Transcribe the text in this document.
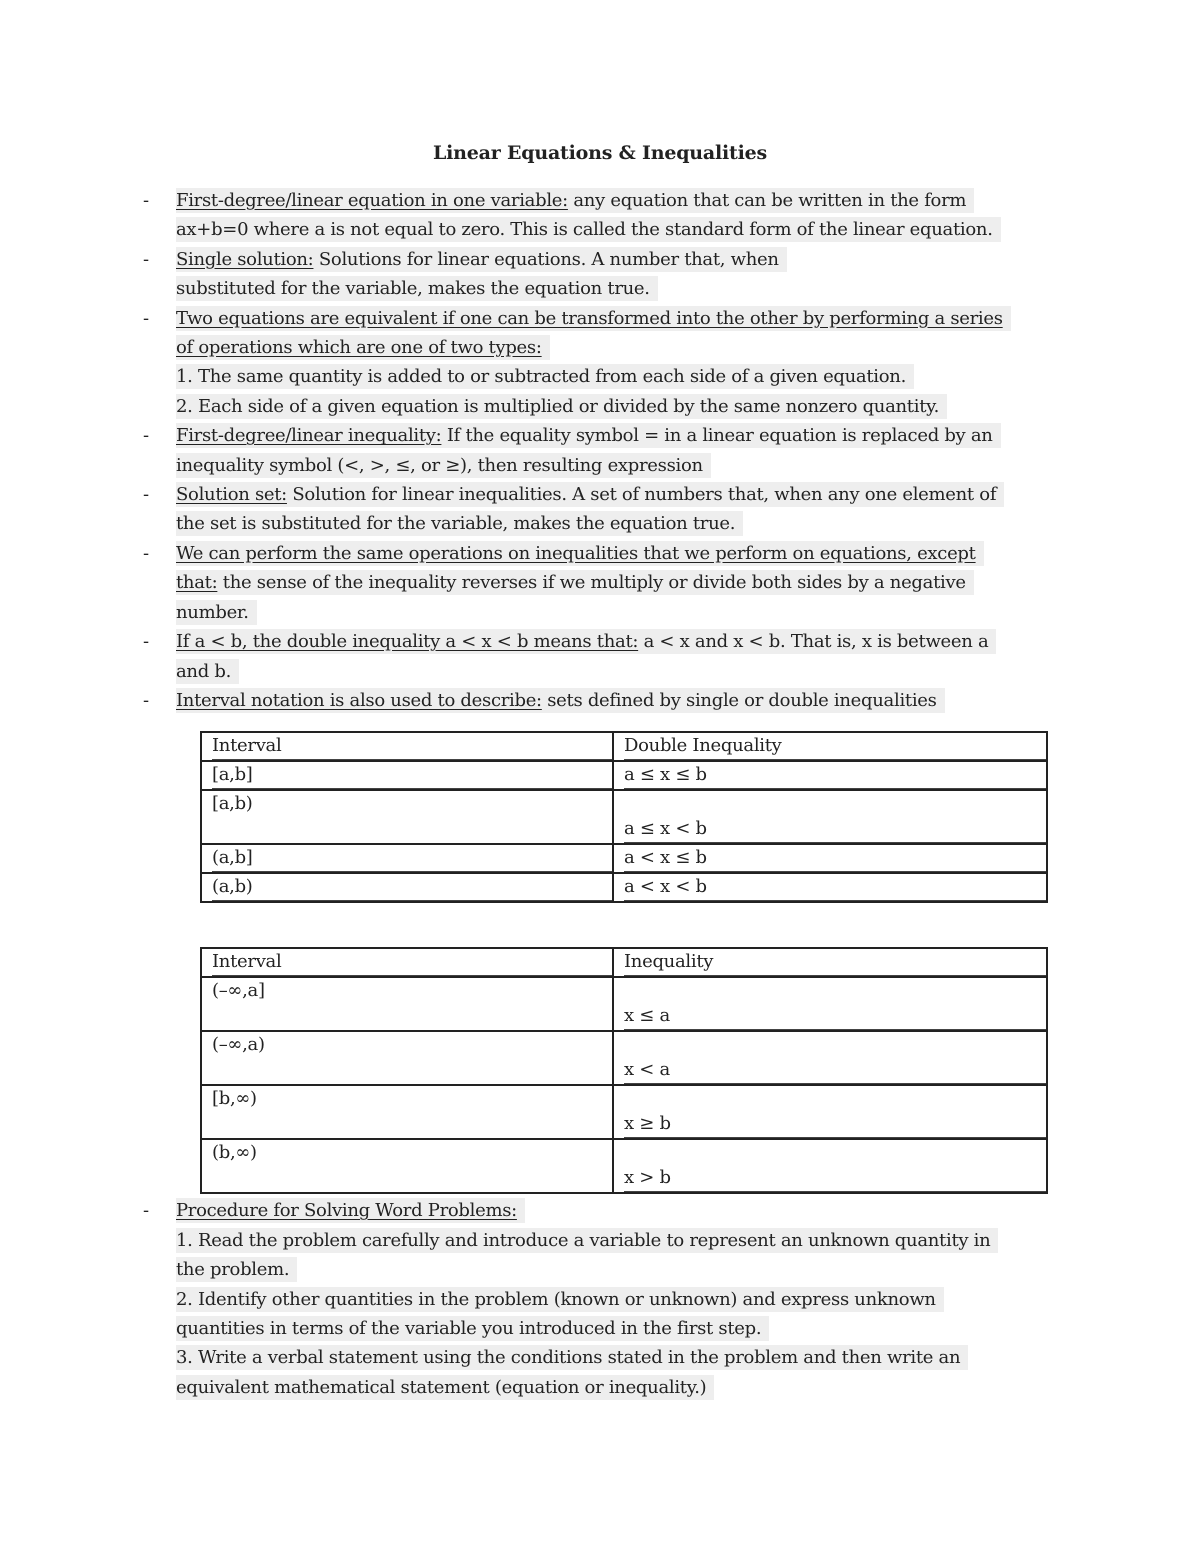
Linear Equations & Inequalities
- First-degree/linear equation in one variable: any equation that can be written in the form
ax+b=0 where a is not equal to zero. This is called the standard form of the linear equation.
- Single solution: Solutions for linear equations. A number that, when
substituted for the variable, makes the equation true.
- Two equations are equivalent if one can be transformed into the other by performing a series
of operations which are one of two types:
1. The same quantity is added to or subtracted from each side of a given equation.
2. Each side of a given equation is multiplied or divided by the same nonzero quantity.
- First-degree/linear inequality: If the equality symbol = in a linear equation is replaced by an
inequality symbol (<, >, ≤, or ≥), then resulting expression
- Solution set: Solution for linear inequalities. A set of numbers that, when any one element of
the set is substituted for the variable, makes the equation true.
- We can perform the same operations on inequalities that we perform on equations, except
that: the sense of the inequality reverses if we multiply or divide both sides by a negative
number.
- If a < b, the double inequality a < x < b means that: a < x and x < b. That is, x is between a
and b.
- Interval notation is also used to describe: sets defined by single or double inequalities
Interval	Double Inequality
[a,b]	a ≤ x ≤ b
[a,b)	a ≤ x < b
(a,b]	a < x ≤ b
(a,b)	a < x < b
Interval	Inequality
(–∞,a]	x ≤ a
(–∞,a)	x < a
[b,∞)	x ≥ b
(b,∞)	x > b
- Procedure for Solving Word Problems:
1. Read the problem carefully and introduce a variable to represent an unknown quantity in
the problem.
2. Identify other quantities in the problem (known or unknown) and express unknown
quantities in terms of the variable you introduced in the first step.
3. Write a verbal statement using the conditions stated in the problem and then write an
equivalent mathematical statement (equation or inequality.)
